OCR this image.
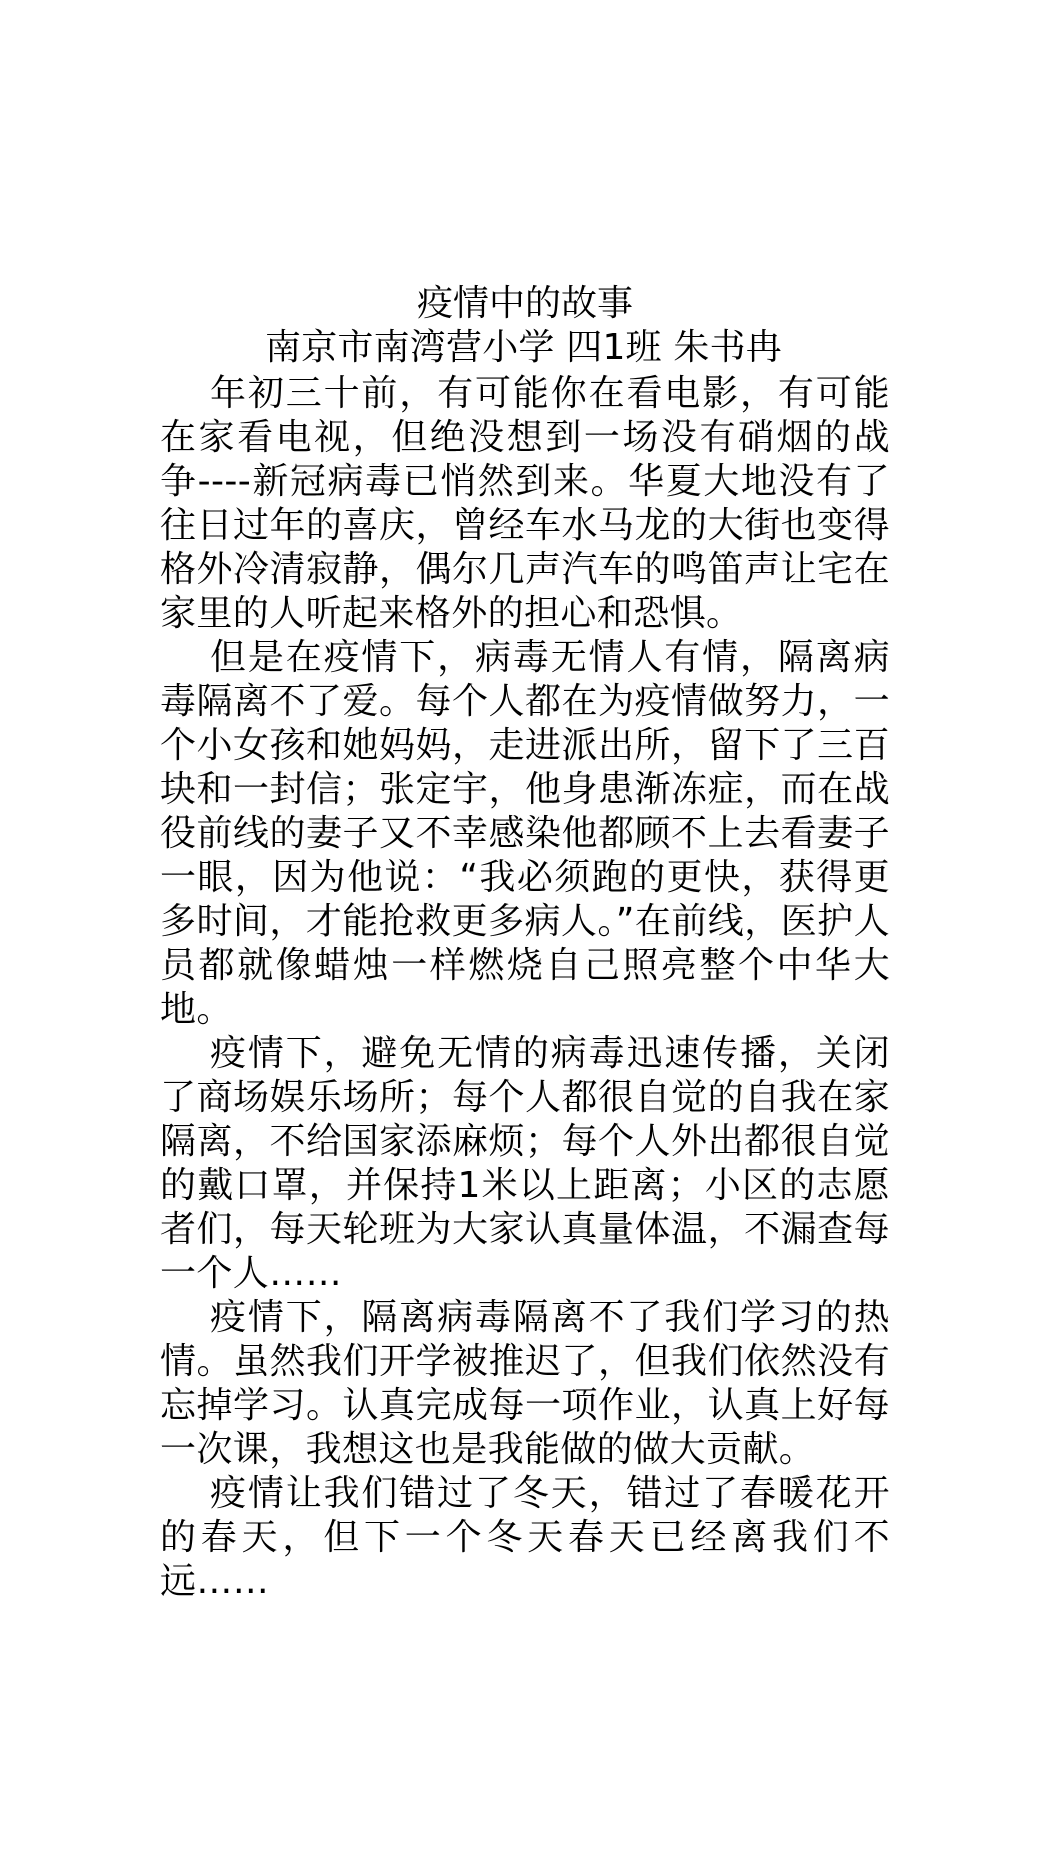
疫情中的故事
南京市南湾营小学 四1班 朱书冉

年初三十前，有可能你在看电影，有可能在家看电视，但绝没想到一场没有硝烟的战争----新冠病毒已悄然到来。华夏大地没有了往日过年的喜庆，曾经车水马龙的大街也变得格外冷清寂静，偶尔几声汽车的鸣笛声让宅在家里的人听起来格外的担心和恐惧。

但是在疫情下，病毒无情人有情，隔离病毒隔离不了爱。每个人都在为疫情做努力，一个小女孩和她妈妈，走进派出所，留下了三百块和一封信；张定宇，他身患渐冻症，而在战役前线的妻子又不幸感染他都顾不上去看妻子一眼，因为他说：“我必须跑的更快，获得更多时间，才能抢救更多病人。”在前线，医护人员都就像蜡烛一样燃烧自己照亮整个中华大地。

疫情下，避免无情的病毒迅速传播，关闭了商场娱乐场所；每个人都很自觉的自我在家隔离，不给国家添麻烦；每个人外出都很自觉的戴口罩，并保持1米以上距离；小区的志愿者们，每天轮班为大家认真量体温，不漏查每一个人……

疫情下，隔离病毒隔离不了我们学习的热情。虽然我们开学被推迟了，但我们依然没有忘掉学习。认真完成每一项作业，认真上好每一次课，我想这也是我能做的做大贡献。

疫情让我们错过了冬天，错过了春暖花开的春天，但下一个冬天春天已经离我们不远……
